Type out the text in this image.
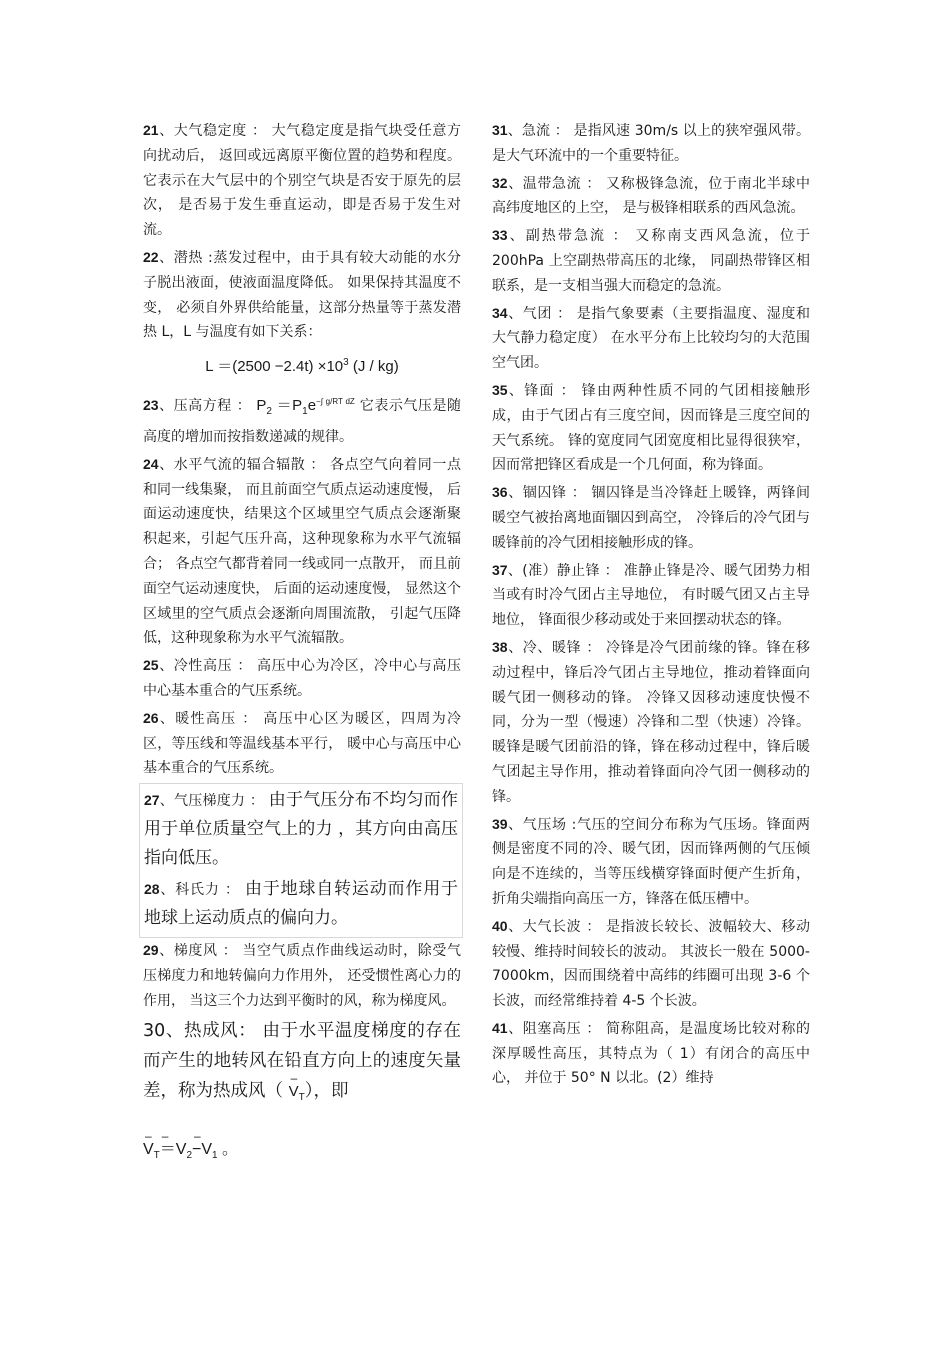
21、大气稳定度 ： 大气稳定度是指气块受任意方向扰动后， 返回或远离原平衡位置的趋势和程度。 它表示在大气层中的个别空气块是否安于原先的层次， 是否易于发生垂直运动，即是否易于发生对流。
22、潜热 :蒸发过程中，由于具有较大动能的水分子脱出液面，使液面温度降低。 如果保持其温度不变， 必须自外界供给能量，这部分热量等于蒸发潜热 L，L 与温度有如下关系：
$L =(2500 -2.4t) \times 10^3$ (J / kg)
23、压高方程 ： $P_2 =P_1e^{-\int g/RT dZ}$ 它表示气压是随高度的增加而按指数递减的规律。
24、水平气流的辐合辐散 ： 各点空气向着同一点和同一线集聚， 而且前面空气质点运动速度慢， 后面运动速度快，结果这个区域里空气质点会逐渐聚积起来，引起气压升高，这种现象称为水平气流辐合； 各点空气都背着同一线或同一点散开， 而且前面空气运动速度快， 后面的运动速度慢， 显然这个区域里的空气质点会逐渐向周围流散， 引起气压降低，这种现象称为水平气流辐散。
25、冷性高压 ： 高压中心为冷区，冷中心与高压中心基本重合的气压系统。
26、暖性高压 ： 高压中心区为暖区，四周为冷区，等压线和等温线基本平行， 暖中心与高压中心基本重合的气压系统。
27、气压梯度力 ： 由于气压分布不均匀而作用于单位质量空气上的力 ，其方向由高压指向低压。
28、科氏力 ： 由于地球自转运动而作用于地球上运动质点的偏向力。
29、梯度风 ： 当空气质点作曲线运动时，除受气压梯度力和地转偏向力作用外， 还受惯性离心力的作用， 当这三个力达到平衡时的风，称为梯度风。
30、热成风： 由于水平温度梯度的存在而产生的地转风在铅直方向上的速度矢量差，称为热成风（ – $V_T$），即
– $V_T- =V_2- -V_1$ 。
31、急流 ： 是指风速 30m/s 以上的狭窄强风带。是大气环流中的一个重要特征。
32、温带急流 ： 又称极锋急流，位于南北半球中高纬度地区的上空， 是与极锋相联系的西风急流。
33、副热带急流 ： 又称南支西风急流，位于 200hPa 上空副热带高压的北缘， 同副热带锋区相联系，是一支相当强大而稳定的急流。
34、气团 ： 是指气象要素（主要指温度、湿度和大气静力稳定度） 在水平分布上比较均匀的大范围空气团。
35、锋面 ： 锋由两种性质不同的气团相接触形成，由于气团占有三度空间，因而锋是三度空间的天气系统。 锋的宽度同气团宽度相比显得很狭窄， 因而常把锋区看成是一个几何面，称为锋面。
36、锢囚锋 ： 锢囚锋是当冷锋赶上暖锋，两锋间暖空气被抬离地面锢囚到高空， 冷锋后的冷气团与暖锋前的冷气团相接触形成的锋。
37、(准）静止锋 ： 准静止锋是冷、暖气团势力相当或有时冷气团占主导地位， 有时暖气团又占主导地位， 锋面很少移动或处于来回摆动状态的锋。
38、冷、暖锋 ： 冷锋是冷气团前缘的锋。锋在移动过程中，锋后冷气团占主导地位，推动着锋面向暖气团一侧移动的锋。 冷锋又因移动速度快慢不同，分为一型（慢速）冷锋和二型（快速）冷锋。暖锋是暖气团前沿的锋，锋在移动过程中，锋后暖气团起主导作用，推动着锋面向冷气团一侧移动的锋。
39、气压场 :气压的空间分布称为气压场。锋面两侧是密度不同的冷、暖气团，因而锋两侧的气压倾向是不连续的，当等压线横穿锋面时便产生折角，折角尖端指向高压一方，锋落在低压槽中。
40、大气长波 ： 是指波长较长、波幅较大、移动较慢、维持时间较长的波动。 其波长一般在 5000-7000km，因而围绕着中高纬的纬圈可出现 3-6 个长波，而经常维持着 4-5 个长波。
41、阻塞高压 ： 简称阻高，是温度场比较对称的深厚暖性高压，其特点为（ 1）有闭合的高压中心， 并位于 50° N 以北。(2）维持
